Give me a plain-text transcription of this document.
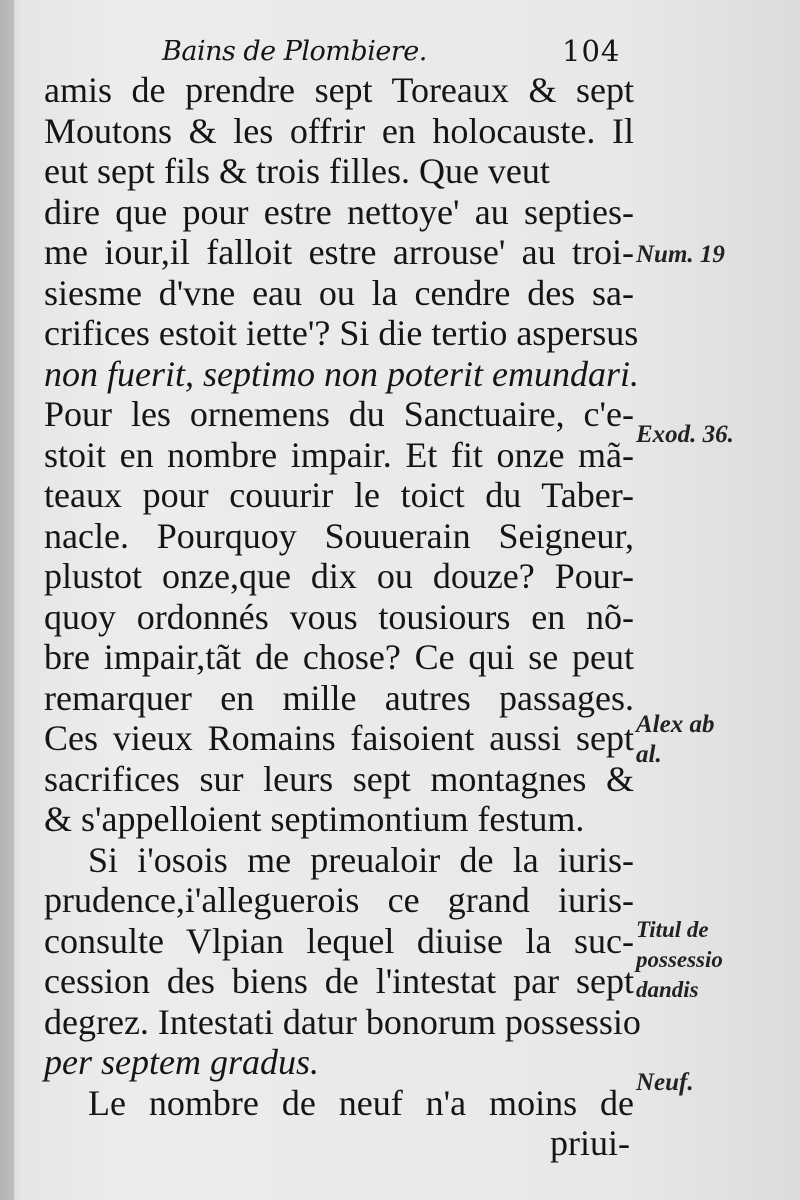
Bains de Plombiere.	104
amis de prendre sept Toreaux & sept
Moutons & les offrir en holocauste. Il
eut sept fils & trois filles. Que veut
dire que pour estre nettoye' au septies-
me iour,il falloit estre arrouse' au troi-
siesme d'vne eau ou la cendre des sa-
crifices estoit iette'? Si die tertio aspersus
non fuerit, septimo non poterit emundari.
Pour les ornemens du Sanctuaire, c'e-
stoit en nombre impair. Et fit onze mã-
teaux pour couurir le toict du Taber-
nacle. Pourquoy Souuerain Seigneur,
plustot onze,que dix ou douze? Pour-
quoy ordonnés vous tousiours en nõ-
bre impair,tãt de chose? Ce qui se peut
remarquer en mille autres passages.
Ces vieux Romains faisoient aussi sept
sacrifices sur leurs sept montagnes &
& s'appelloient septimontium festum.
Si i'osois me preualoir de la iuris-
prudence,i'alleguerois ce grand iuris-
consulte Vlpian lequel diuise la suc-
cession des biens de l'intestat par sept
degrez. Intestati datur bonorum possessio
per septem gradus.
Le nombre de neuf n'a moins de
priui-
Num. 19
Exod. 36.
Alex ab al.
Titul de possessio dandis
Neuf.
